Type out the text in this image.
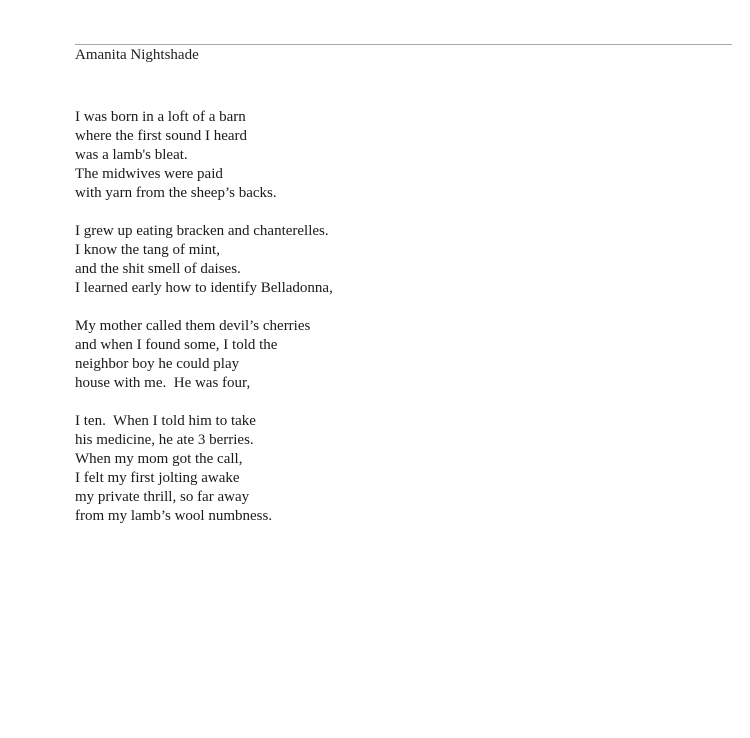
Amanita Nightshade
I was born in a loft of a barn
where the first sound I heard
was a lamb's bleat.
The midwives were paid
with yarn from the sheep’s backs.
I grew up eating bracken and chanterelles.
I know the tang of mint,
and the shit smell of daises.
I learned early how to identify Belladonna,
My mother called them devil’s cherries
and when I found some, I told the
neighbor boy he could play
house with me.  He was four,
I ten.  When I told him to take
his medicine, he ate 3 berries.
When my mom got the call,
I felt my first jolting awake
my private thrill, so far away
from my lamb’s wool numbness.
